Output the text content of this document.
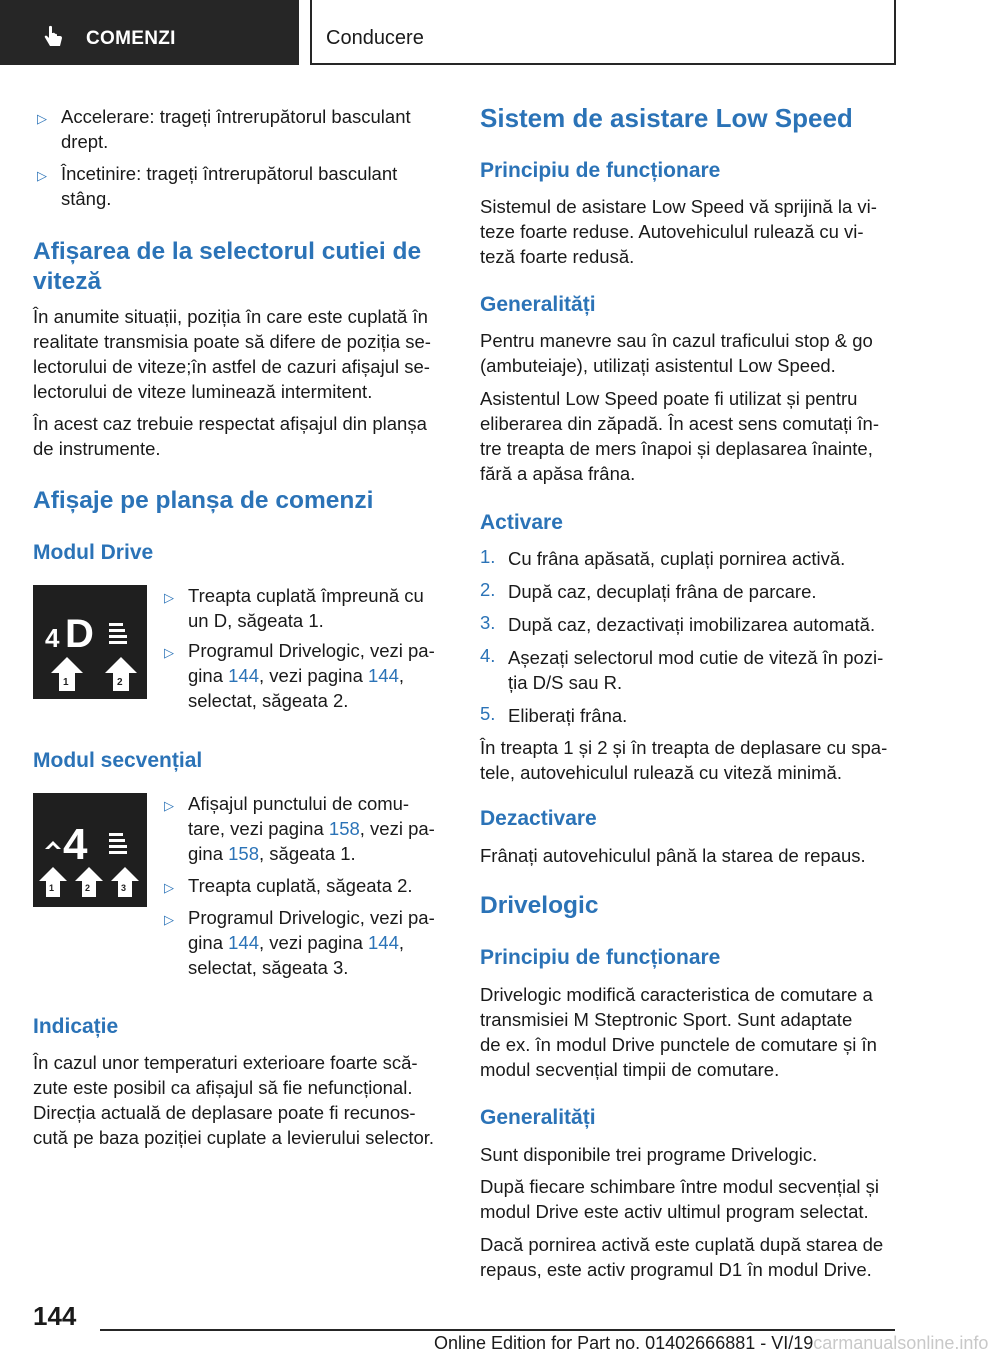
COMENZI	Conducere
▷ Accelerare: trageți întrerupătorul basculant

drept.

▷ Încetinire: trageți întrerupătorul basculant

stâng.

Afișarea de la selectorul cutiei de
viteză

În anumite situații, poziția în care este cuplată în

realitate transmisia poate să difere de poziția se-

lectorului de viteze;în astfel de cazuri afișajul se-

lectorului de viteze luminează intermitent.

În acest caz trebuie respectat afișajul din planșa

de instrumente.

Afișaje pe planșa de comenzi
Modul Drive
4 D
1	2
▷ Treapta cuplată împreună cu

un D, săgeata 1.

▷ Programul Drivelogic, vezi pa-

gina 144, vezi pagina 144,

selectat, săgeata 2.

Modul secvențial
4
1	2	3
▷ Afișajul punctului de comu-

tare, vezi pagina 158, vezi pa-

gina 158, săgeata 1.

▷ Treapta cuplată, săgeata 2.

▷ Programul Drivelogic, vezi pa-

gina 144, vezi pagina 144,

selectat, săgeata 3.

Indicație

În cazul unor temperaturi exterioare foarte scă-

zute este posibil ca afișajul să fie nefuncțional.

Direcția actuală de deplasare poate fi recunos-

cută pe baza poziției cuplate a levierului selector.

Sistem de asistare Low Speed
Principiu de funcționare

Sistemul de asistare Low Speed vă sprijină la vi-

teze foarte reduse. Autovehiculul rulează cu vi-

teză foarte redusă.

Generalități

Pentru manevre sau în cazul traficului stop & go

(ambuteiaje), utilizați asistentul Low Speed.

Asistentul Low Speed poate fi utilizat și pentru

eliberarea din zăpadă. În acest sens comutați în-

tre treapta de mers înapoi și deplasarea înainte,

fără a apăsa frâna.

Activare
1. Cu frâna apăsată, cuplați pornirea activă.

2. După caz, decuplați frâna de parcare.

3. După caz, dezactivați imobilizarea automată.

4. Așezați selectorul mod cutie de viteză în pozi-

ția D/S sau R.

5. Eliberați frâna.

În treapta 1 și 2 și în treapta de deplasare cu spa-

tele, autovehiculul rulează cu viteză minimă.

Dezactivare

Frânați autovehiculul până la starea de repaus.

Drivelogic
Principiu de funcționare

Drivelogic modifică caracteristica de comutare a

transmisiei M Steptronic Sport. Sunt adaptate

de ex. în modul Drive punctele de comutare și în

modul secvențial timpii de comutare.

Generalități

Sunt disponibile trei programe Drivelogic.

După fiecare schimbare între modul secvențial și

modul Drive este activ ultimul program selectat.

Dacă pornirea activă este cuplată după starea de

repaus, este activ programul D1 în modul Drive.

144
Online Edition for Part no. 01402666881 - VI/19carmanualsonline.info
